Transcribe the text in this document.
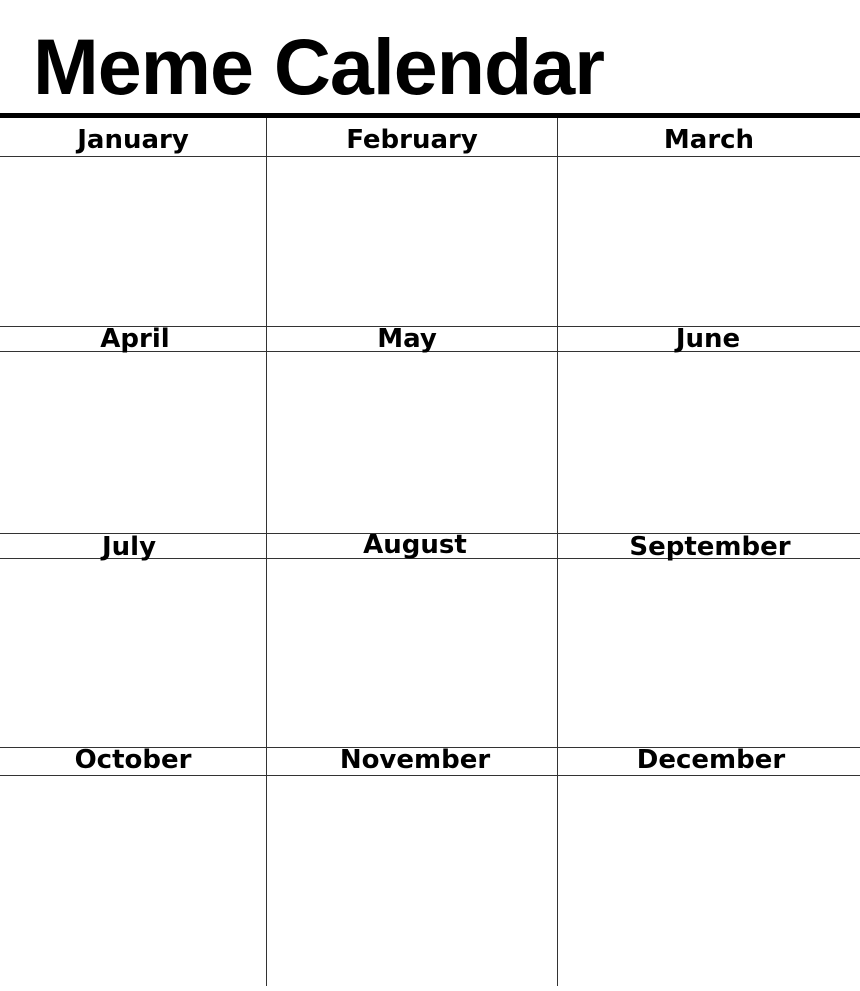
Meme Calendar
January	February	March
April	May	June
July	August	September
October	November	December
